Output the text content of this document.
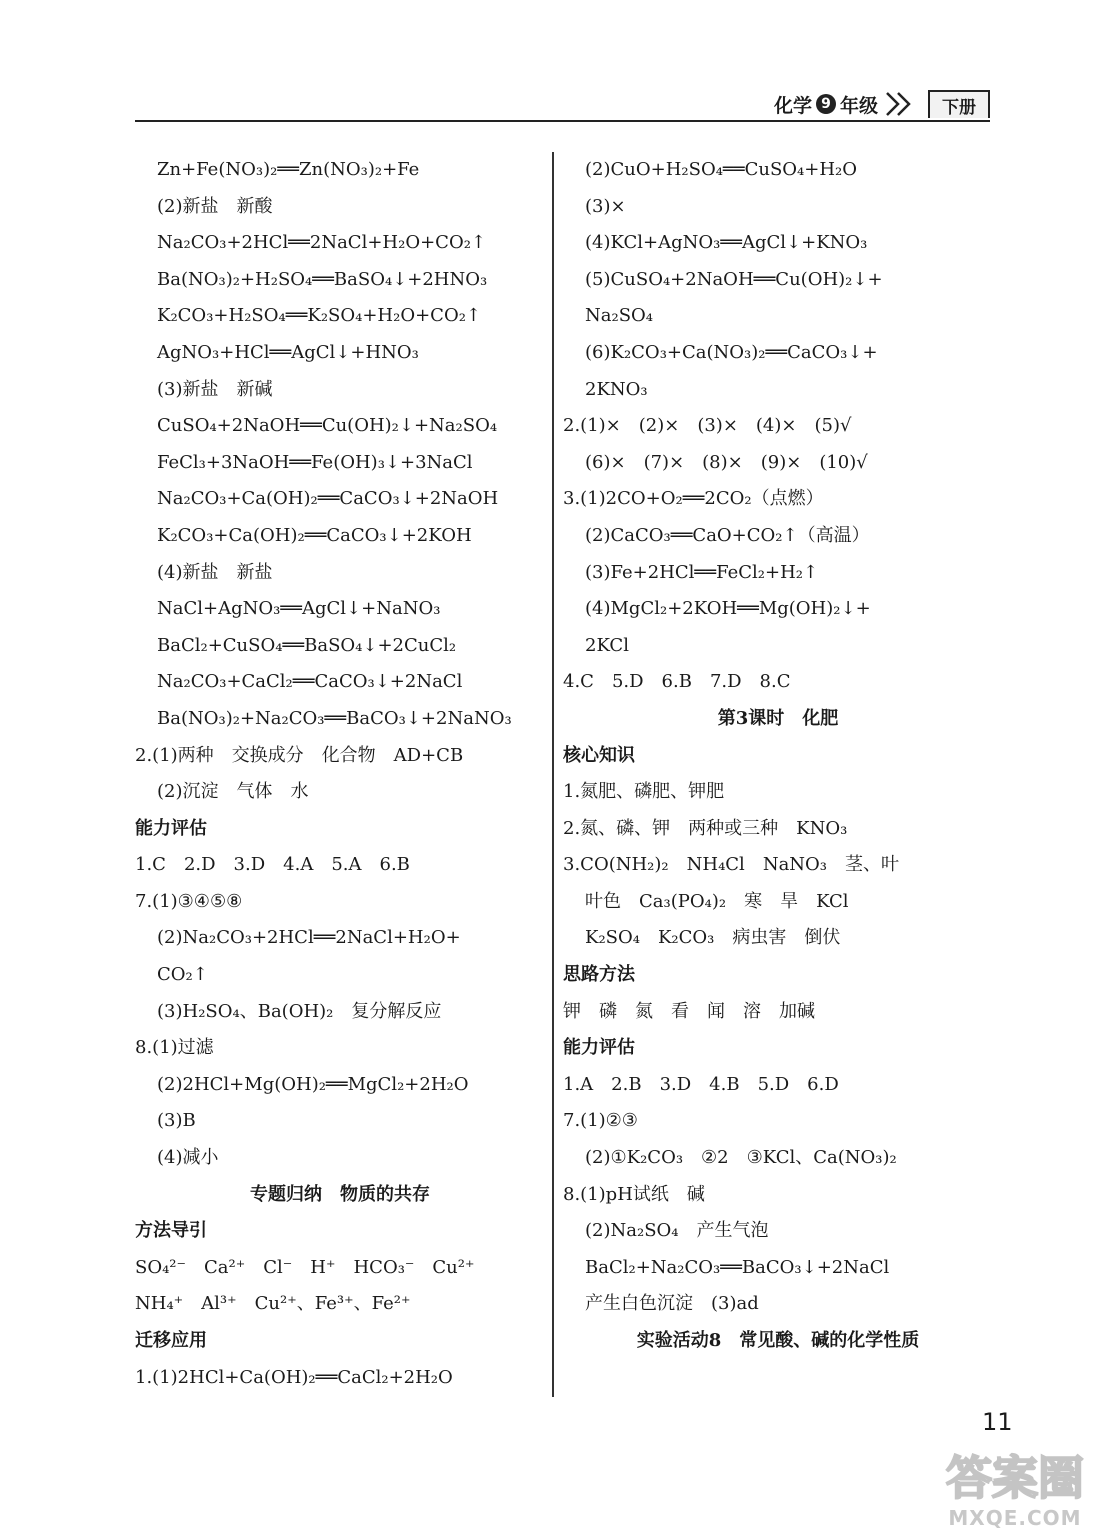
化学 9 年级	下册
Zn+Fe(NO₃)₂══Zn(NO₃)₂+Fe
(2)新盐　新酸
Na₂CO₃+2HCl══2NaCl+H₂O+CO₂↑
Ba(NO₃)₂+H₂SO₄══BaSO₄↓+2HNO₃
K₂CO₃+H₂SO₄══K₂SO₄+H₂O+CO₂↑
AgNO₃+HCl══AgCl↓+HNO₃
(3)新盐　新碱
CuSO₄+2NaOH══Cu(OH)₂↓+Na₂SO₄
FeCl₃+3NaOH══Fe(OH)₃↓+3NaCl
Na₂CO₃+Ca(OH)₂══CaCO₃↓+2NaOH
K₂CO₃+Ca(OH)₂══CaCO₃↓+2KOH
(4)新盐　新盐
NaCl+AgNO₃══AgCl↓+NaNO₃
BaCl₂+CuSO₄══BaSO₄↓+2CuCl₂
Na₂CO₃+CaCl₂══CaCO₃↓+2NaCl
Ba(NO₃)₂+Na₂CO₃══BaCO₃↓+2NaNO₃
2.(1)两种　交换成分　化合物　AD+CB
(2)沉淀　气体　水
能力评估
1.C　2.D　3.D　4.A　5.A　6.B
7.(1)③④⑤⑧
(2)Na₂CO₃+2HCl══2NaCl+H₂O+
CO₂↑
(3)H₂SO₄、Ba(OH)₂　复分解反应
8.(1)过滤
(2)2HCl+Mg(OH)₂══MgCl₂+2H₂O
(3)B
(4)减小
专题归纳　物质的共存
方法导引
SO₄²⁻　Ca²⁺　Cl⁻　H⁺　HCO₃⁻　Cu²⁺
NH₄⁺　Al³⁺　Cu²⁺、Fe³⁺、Fe²⁺
迁移应用
1.(1)2HCl+Ca(OH)₂══CaCl₂+2H₂O
(2)CuO+H₂SO₄══CuSO₄+H₂O
(3)×
(4)KCl+AgNO₃══AgCl↓+KNO₃
(5)CuSO₄+2NaOH══Cu(OH)₂↓+
Na₂SO₄
(6)K₂CO₃+Ca(NO₃)₂══CaCO₃↓+
2KNO₃
2.(1)×　(2)×　(3)×　(4)×　(5)√
(6)×　(7)×　(8)×　(9)×　(10)√
3.(1)2CO+O₂══2CO₂（点燃）
(2)CaCO₃══CaO+CO₂↑（高温）
(3)Fe+2HCl══FeCl₂+H₂↑
(4)MgCl₂+2KOH══Mg(OH)₂↓+
2KCl
4.C　5.D　6.B　7.D　8.C
第3课时　化肥
核心知识
1.氮肥、磷肥、钾肥
2.氮、磷、钾　两种或三种　KNO₃
3.CO(NH₂)₂　NH₄Cl　NaNO₃　茎、叶
叶色　Ca₃(PO₄)₂　寒　旱　KCl
K₂SO₄　K₂CO₃　病虫害　倒伏
思路方法
钾　磷　氮　看　闻　溶　加碱
能力评估
1.A　2.B　3.D　4.B　5.D　6.D
7.(1)②③
(2)①K₂CO₃　②2　③KCl、Ca(NO₃)₂
8.(1)pH试纸　碱
(2)Na₂SO₄　产生气泡
BaCl₂+Na₂CO₃══BaCO₃↓+2NaCl
产生白色沉淀　(3)ad
实验活动8　常见酸、碱的化学性质
11
答案圈
MXQE.COM
